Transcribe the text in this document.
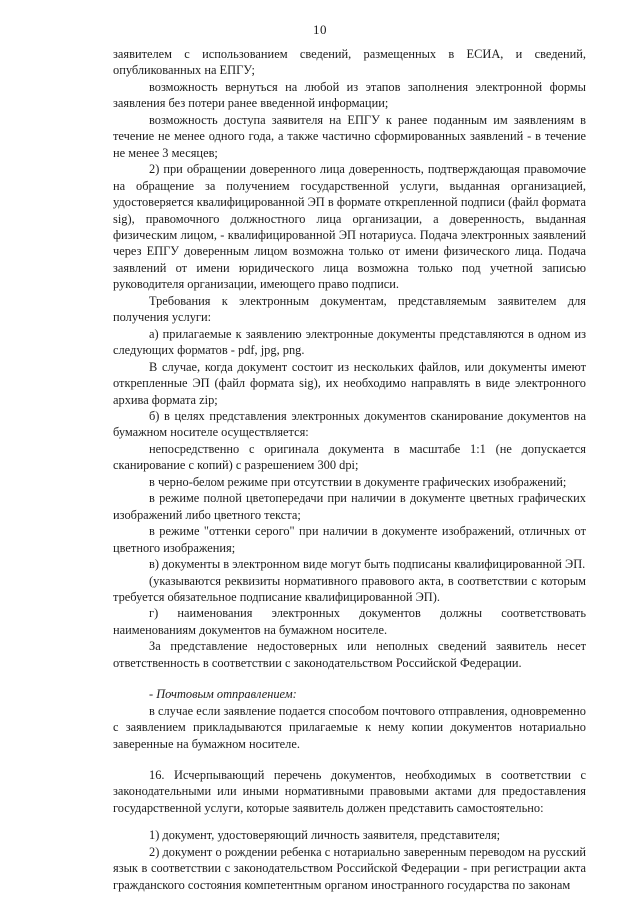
10

заявителем с использованием сведений, размещенных в ЕСИА, и сведений, опубликованных на ЕПГУ;

возможность вернуться на любой из этапов заполнения электронной формы заявления без потери ранее введенной информации;

возможность доступа заявителя на ЕПГУ к ранее поданным им заявлениям в течение не менее одного года, а также частично сформированных заявлений - в течение не менее 3 месяцев;

2) при обращении доверенного лица доверенность, подтверждающая правомочие на обращение за получением государственной услуги, выданная организацией, удостоверяется квалифицированной ЭП в формате открепленной подписи (файл формата sig), правомочного должностного лица организации, а доверенность, выданная физическим лицом, - квалифицированной ЭП нотариуса. Подача электронных заявлений через ЕПГУ доверенным лицом возможна только от имени физического лица. Подача заявлений от имени юридического лица возможна только под учетной записью руководителя организации, имеющего право подписи.

Требования к электронным документам, представляемым заявителем для получения услуги:

а) прилагаемые к заявлению электронные документы представляются в одном из следующих форматов - pdf, jpg, png.

В случае, когда документ состоит из нескольких файлов, или документы имеют открепленные ЭП (файл формата sig), их необходимо направлять в виде электронного архива формата zip;

б) в целях представления электронных документов сканирование документов на бумажном носителе осуществляется:

непосредственно с оригинала документа в масштабе 1:1 (не допускается сканирование с копий) с разрешением 300 dpi;

в черно-белом режиме при отсутствии в документе графических изображений;

в режиме полной цветопередачи при наличии в документе цветных графических изображений либо цветного текста;

в режиме "оттенки серого" при наличии в документе изображений, отличных от цветного изображения;

в) документы в электронном виде могут быть подписаны квалифицированной ЭП.

(указываются реквизиты нормативного правового акта, в соответствии с которым требуется обязательное подписание квалифицированной ЭП).

г) наименования электронных документов должны соответствовать наименованиям документов на бумажном носителе.

За представление недостоверных или неполных сведений заявитель несет ответственность в соответствии с законодательством Российской Федерации.

- Почтовым отправлением:

в случае если заявление подается способом почтового отправления, одновременно с заявлением прикладываются прилагаемые к нему копии документов нотариально заверенные на бумажном носителе.

16. Исчерпывающий перечень документов, необходимых в соответствии с законодательными или иными нормативными правовыми актами для предоставления государственной услуги, которые заявитель должен представить самостоятельно:

1) документ, удостоверяющий личность заявителя, представителя;

2) документ о рождении ребенка с нотариально заверенным переводом на русский язык в соответствии с законодательством Российской Федерации - при регистрации акта гражданского состояния компетентным органом иностранного государства по законам
